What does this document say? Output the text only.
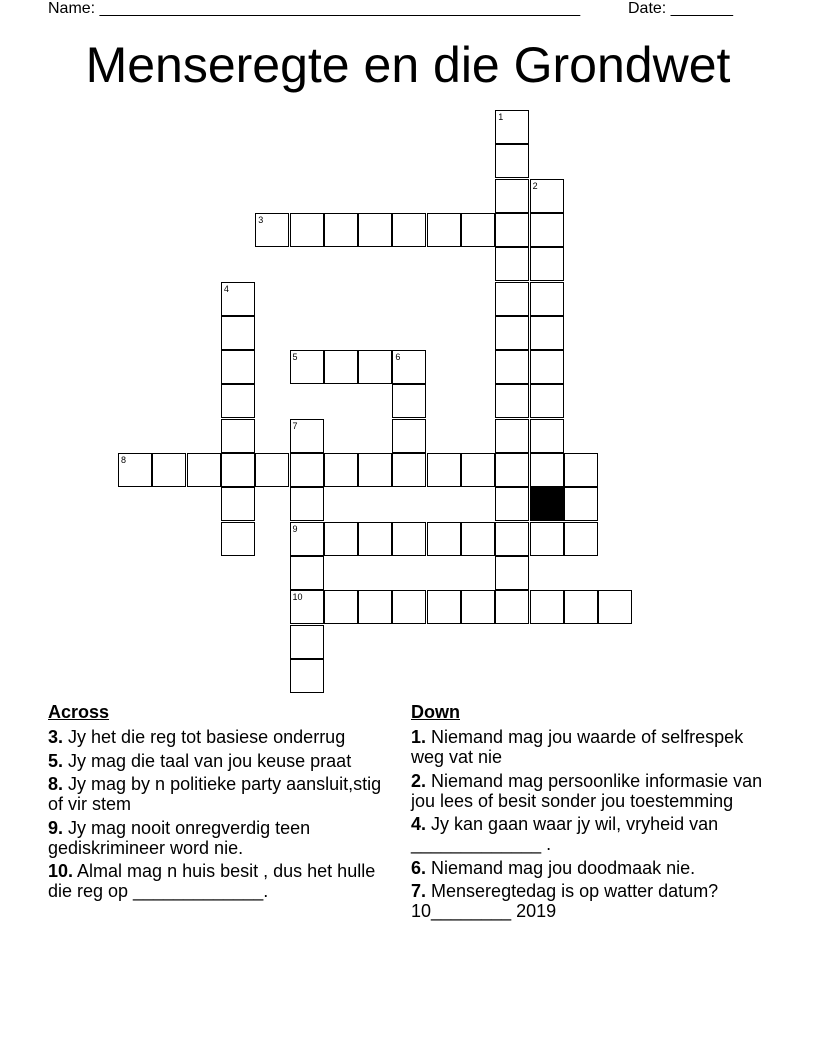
Name: ______________________________________________________	Date: _______
Menseregte en die Grondwet
1
2
3
4
5	6
7
8
9
10
Across
3. Jy het die reg tot basiese onderrug
5. Jy mag die taal van jou keuse praat
8. Jy mag by n politieke party aansluit,stig of vir stem
9. Jy mag nooit onregverdig teen gediskrimineer word nie.
10. Almal mag n huis besit , dus het hulle die reg op _____________.
Down
1. Niemand mag jou waarde of selfrespek weg vat nie
2. Niemand mag persoonlike informasie van jou lees of besit sonder jou toestemming
4. Jy kan gaan waar jy wil, vryheid van _____________ .
6. Niemand mag jou doodmaak nie.
7. Menseregtedag is op watter datum? 10________ 2019
